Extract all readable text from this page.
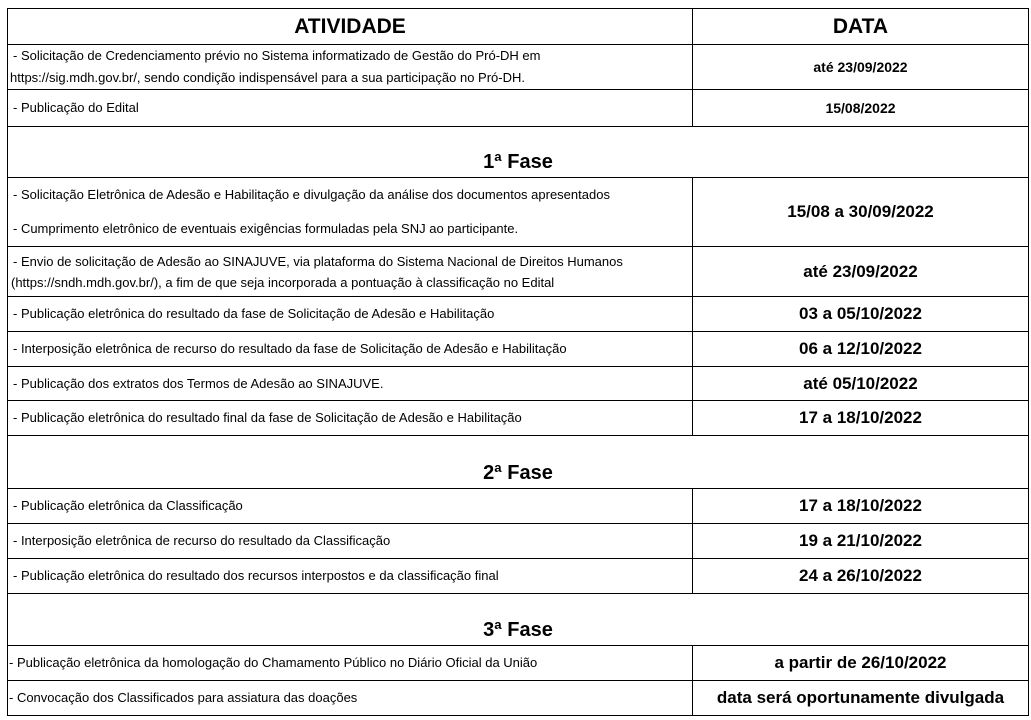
ATIVIDADE	DATA

- Solicitação de Credenciamento prévio no Sistema informatizado de Gestão do Pró-DH em
https://sig.mdh.gov.br/, sendo condição indispensável para a sua participação no Pró-DH.	até 23/09/2022
- Publicação do Edital	15/08/2022
1ª Fase	

- Solicitação Eletrônica de Adesão e Habilitação e divulgação da análise dos documentos apresentados
- Cumprimento eletrônico de eventuais exigências formuladas pela SNJ ao participante.	15/08 a 30/09/2022

- Envio de solicitação de Adesão ao SINAJUVE, via plataforma do Sistema Nacional de Direitos Humanos
(https://sndh.mdh.gov.br/), a fim de que seja incorporada a pontuação à classificação no Edital	até 23/09/2022
- Publicação eletrônica do resultado da fase de Solicitação de Adesão e Habilitação	03 a 05/10/2022
- Interposição eletrônica de recurso do resultado da fase de Solicitação de Adesão e Habilitação	06 a 12/10/2022
- Publicação dos extratos dos Termos de Adesão ao SINAJUVE.	até 05/10/2022
- Publicação eletrônica do resultado final da fase de Solicitação de Adesão e Habilitação	17 a 18/10/2022
2ª Fase	
- Publicação eletrônica da Classificação	17 a 18/10/2022
- Interposição eletrônica de recurso do resultado da Classificação	19 a 21/10/2022
- Publicação eletrônica do resultado dos recursos interpostos e da classificação final	24 a 26/10/2022
3ª Fase	
- Publicação eletrônica da homologação do Chamamento Público no Diário Oficial da União	a partir de 26/10/2022
- Convocação dos Classificados para assiatura das doações	data será oportunamente divulgada
